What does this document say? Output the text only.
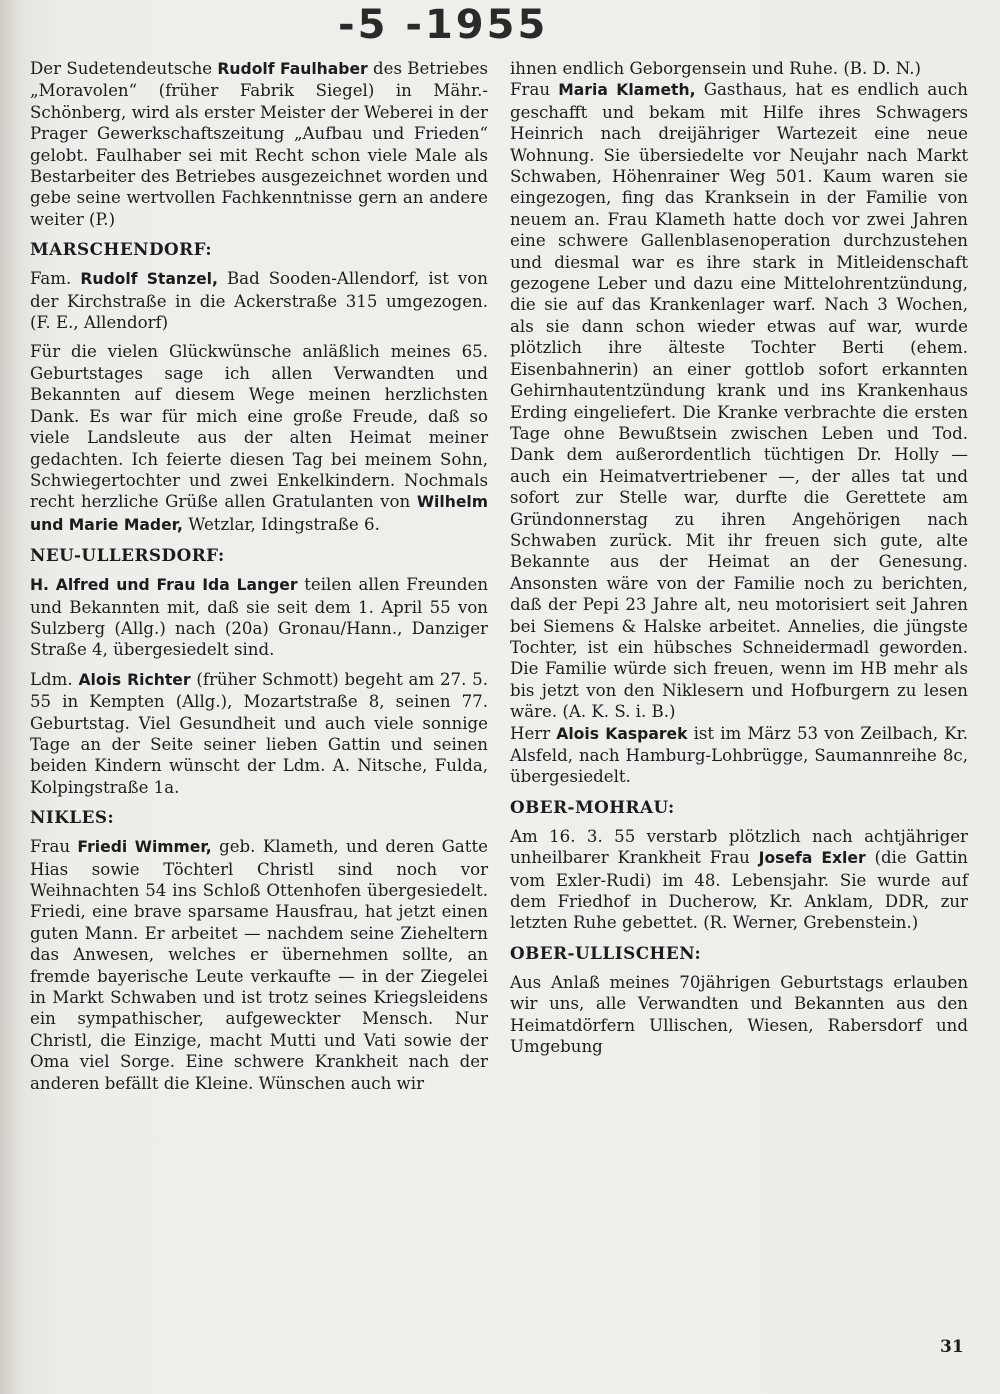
-5 -1955

Der Sudetendeutsche Rudolf Faulhaber des Betriebes „Moravolen“ (früher Fabrik Siegel) in Mähr.-Schönberg, wird als erster Meister der Weberei in der Prager Gewerkschaftszeitung „Aufbau und Frieden“ gelobt. Faulhaber sei mit Recht schon viele Male als Bestarbeiter des Betriebes ausgezeichnet worden und gebe seine wertvollen Fachkenntnisse gern an andere weiter (P.)

MARSCHENDORF:

Fam. Rudolf Stanzel, Bad Sooden-Allendorf, ist von der Kirchstraße in die Ackerstraße 315 umgezogen. (F. E., Allendorf)

Für die vielen Glückwünsche anläßlich meines 65. Geburtstages sage ich allen Verwandten und Bekannten auf diesem Wege meinen herzlichsten Dank. Es war für mich eine große Freude, daß so viele Landsleute aus der alten Heimat meiner gedachten. Ich feierte diesen Tag bei meinem Sohn, Schwiegertochter und zwei Enkelkindern. Nochmals recht herzliche Grüße allen Gratulanten von Wilhelm und Marie Mader, Wetzlar, Idingstraße 6.

NEU-ULLERSDORF:

H. Alfred und Frau Ida Langer teilen allen Freunden und Bekannten mit, daß sie seit dem 1. April 55 von Sulzberg (Allg.) nach (20a) Gronau/Hann., Danziger Straße 4, übergesiedelt sind.

Ldm. Alois Richter (früher Schmott) begeht am 27. 5. 55 in Kempten (Allg.), Mozartstraße 8, seinen 77. Geburtstag. Viel Gesundheit und auch viele sonnige Tage an der Seite seiner lieben Gattin und seinen beiden Kindern wünscht der Ldm. A. Nitsche, Fulda, Kolpingstraße 1a.

NIKLES:

Frau Friedi Wimmer, geb. Klameth, und deren Gatte Hias sowie Töchterl Christl sind noch vor Weihnachten 54 ins Schloß Ottenhofen übergesiedelt. Friedi, eine brave sparsame Hausfrau, hat jetzt einen guten Mann. Er arbeitet — nachdem seine Zieheltern das Anwesen, welches er übernehmen sollte, an fremde bayerische Leute verkaufte — in der Ziegelei in Markt Schwaben und ist trotz seines Kriegsleidens ein sympathischer, aufgeweckter Mensch. Nur Christl, die Einzige, macht Mutti und Vati sowie der Oma viel Sorge. Eine schwere Krankheit nach der anderen befällt die Kleine. Wünschen auch wir

ihnen endlich Geborgensein und Ruhe. (B. D. N.)

Frau Maria Klameth, Gasthaus, hat es endlich auch geschafft und bekam mit Hilfe ihres Schwagers Heinrich nach dreijähriger Wartezeit eine neue Wohnung. Sie übersiedelte vor Neujahr nach Markt Schwaben, Höhenrainer Weg 501. Kaum waren sie eingezogen, fing das Kranksein in der Familie von neuem an. Frau Klameth hatte doch vor zwei Jahren eine schwere Gallenblasenoperation durchzustehen und diesmal war es ihre stark in Mitleidenschaft gezogene Leber und dazu eine Mittelohrentzündung, die sie auf das Krankenlager warf. Nach 3 Wochen, als sie dann schon wieder etwas auf war, wurde plötzlich ihre älteste Tochter Berti (ehem. Eisenbahnerin) an einer gottlob sofort erkannten Gehirnhautentzündung krank und ins Krankenhaus Erding eingeliefert. Die Kranke verbrachte die ersten Tage ohne Bewußtsein zwischen Leben und Tod. Dank dem außerordentlich tüchtigen Dr. Holly — auch ein Heimatvertriebener —, der alles tat und sofort zur Stelle war, durfte die Gerettete am Gründonnerstag zu ihren Angehörigen nach Schwaben zurück. Mit ihr freuen sich gute, alte Bekannte aus der Heimat an der Genesung. Ansonsten wäre von der Familie noch zu berichten, daß der Pepi 23 Jahre alt, neu motorisiert seit Jahren bei Siemens & Halske arbeitet. Annelies, die jüngste Tochter, ist ein hübsches Schneidermadl geworden. Die Familie würde sich freuen, wenn im HB mehr als bis jetzt von den Niklesern und Hofburgern zu lesen wäre. (A. K. S. i. B.)

Herr Alois Kasparek ist im März 53 von Zeilbach, Kr. Alsfeld, nach Hamburg-Lohbrügge, Saumannreihe 8c, übergesiedelt.

OBER-MOHRAU:

Am 16. 3. 55 verstarb plötzlich nach achtjähriger unheilbarer Krankheit Frau Josefa Exler (die Gattin vom Exler-Rudi) im 48. Lebensjahr. Sie wurde auf dem Friedhof in Ducherow, Kr. Anklam, DDR, zur letzten Ruhe gebettet. (R. Werner, Grebenstein.)

OBER-ULLISCHEN:

Aus Anlaß meines 70jährigen Geburtstags erlauben wir uns, alle Verwandten und Bekannten aus den Heimatdörfern Ullischen, Wiesen, Rabersdorf und Umgebung

31
